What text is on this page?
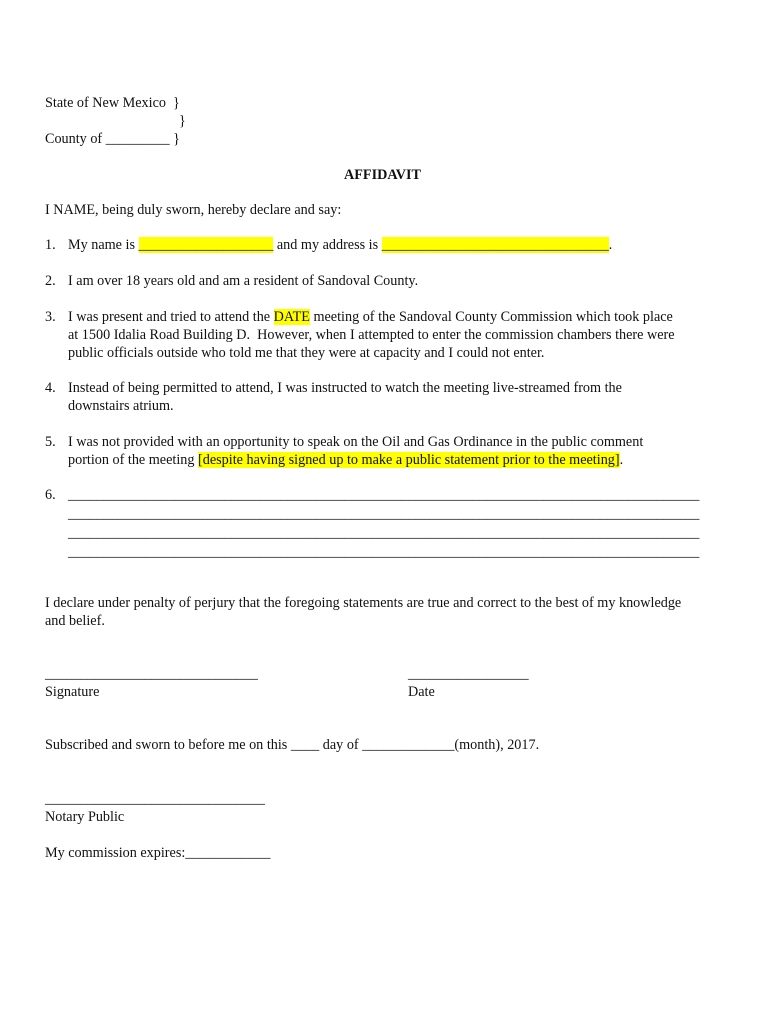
State of New Mexico  }
}
County of _________ }
AFFIDAVIT
I NAME, being duly sworn, hereby declare and say:
1. My name is ___________________ and my address is ________________________________.
2. I am over 18 years old and am a resident of Sandoval County.
3. I was present and tried to attend the DATE meeting of the Sandoval County Commission which took place
at 1500 Idalia Road Building D.  However, when I attempted to enter the commission chambers there were
public officials outside who told me that they were at capacity and I could not enter.
4. Instead of being permitted to attend, I was instructed to watch the meeting live-streamed from the
downstairs atrium.
5. I was not provided with an opportunity to speak on the Oil and Gas Ordinance in the public comment
portion of the meeting [despite having signed up to make a public statement prior to the meeting].
6. _________________________________________________________________________________________
_________________________________________________________________________________________
_________________________________________________________________________________________
_________________________________________________________________________________________
I declare under penalty of perjury that the foregoing statements are true and correct to the best of my knowledge
and belief.
______________________________
Signature
_________________
Date
Subscribed and sworn to before me on this ____ day of _____________(month), 2017.
_______________________________
Notary Public
My commission expires:____________
